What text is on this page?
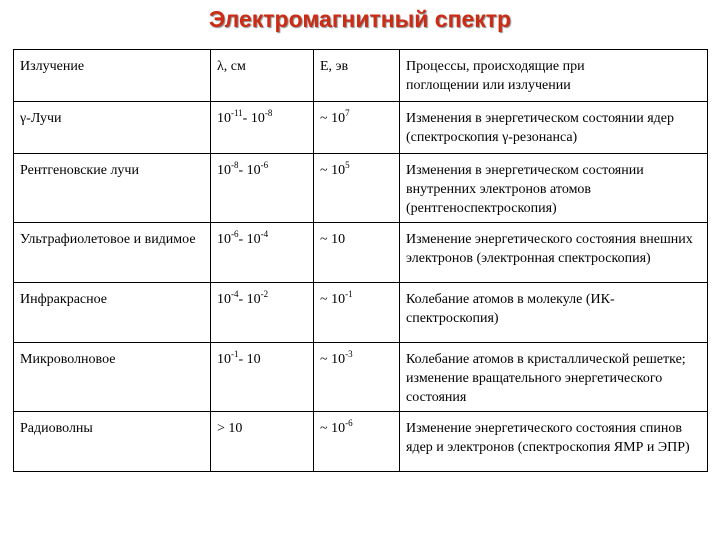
Электромагнитный спектр
Излучение	λ, см	E, эв	Процессы, происходящие при
поглощении или излучении

γ-Лучи	$10^{-11}-$ $10^{-8}$	~ $10^7$	Изменения в энергетическом состоянии ядер (спектроскопия γ-резонанса)
Рентгеновские лучи	$10^{-8}-$ $10^{-6}$	~ $10^5$	Изменения в энергетическом состоянии внутренних электронов атомов (рентгеноспектроскопия)
Ультрафиолетовое и видимое	$10^{-6}-$ $10^{-4}$	~ 10	Изменение энергетического состояния внешних электронов (электронная спектроскопия)
Инфракрасное	$10^{-4}-$ $10^{-2}$	~ $10^{-1}$	Колебание атомов в молекуле (ИК-спектроскопия)
Микроволновое	$10^{-1}-$ 10	~ $10^{-3}$	Колебание атомов в кристаллической решетке; изменение вращательного энергетического состояния
Радиоволны	> 10	~ $10^{-6}$	Изменение энергетического состояния спинов ядер и электронов (спектроскопия ЯМР и ЭПР)
